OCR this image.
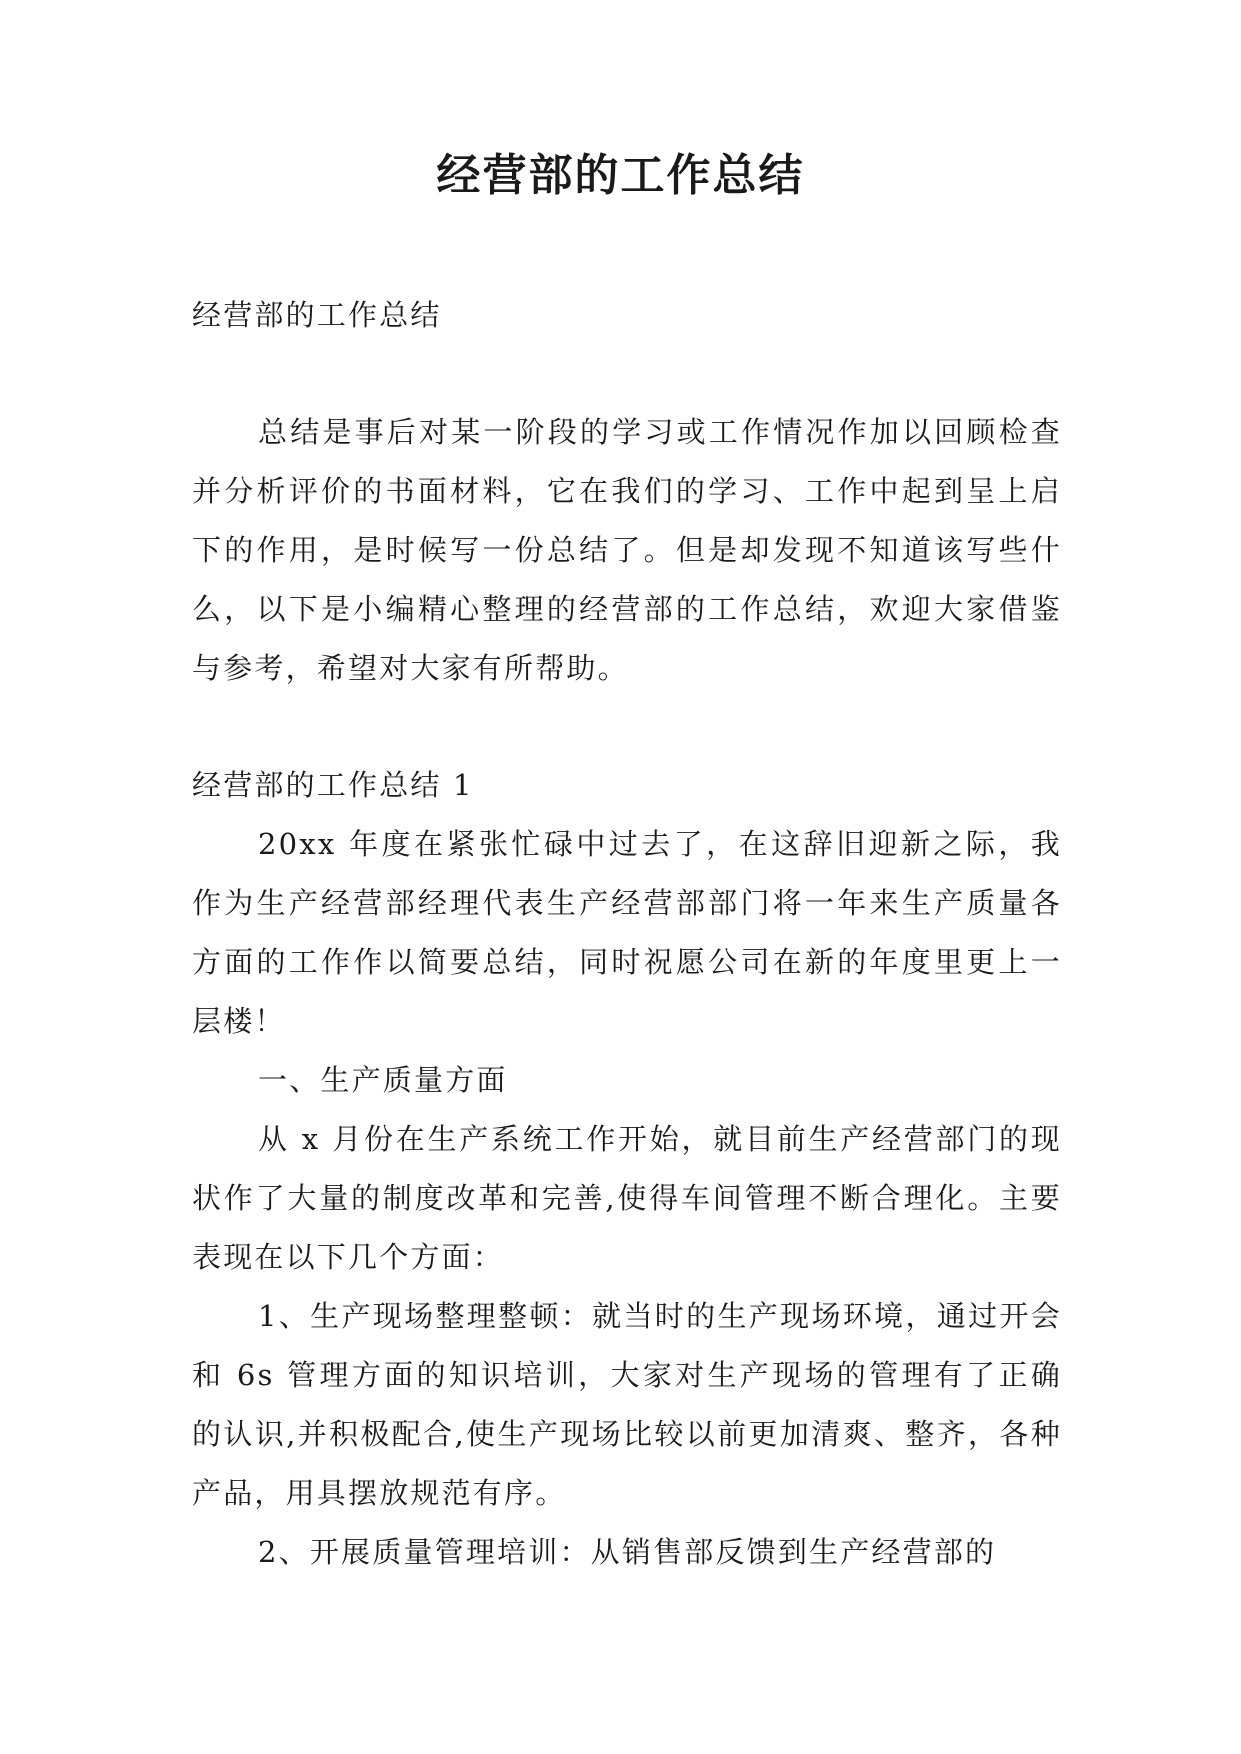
经营部的工作总结

经营部的工作总结

总结是事后对某一阶段的学习或工作情况作加以回顾检查并分析评价的书面材料，它在我们的学习、工作中起到呈上启下的作用，是时候写一份总结了。但是却发现不知道该写些什么，以下是小编精心整理的经营部的工作总结，欢迎大家借鉴与参考，希望对大家有所帮助。

经营部的工作总结 1

20xx 年度在紧张忙碌中过去了，在这辞旧迎新之际，我作为生产经营部经理代表生产经营部部门将一年来生产质量各方面的工作作以简要总结，同时祝愿公司在新的年度里更上一层楼！

一、生产质量方面

从 x 月份在生产系统工作开始，就目前生产经营部门的现状作了大量的制度改革和完善,使得车间管理不断合理化。主要表现在以下几个方面：

1、生产现场整理整顿：就当时的生产现场环境，通过开会和 6s 管理方面的知识培训，大家对生产现场的管理有了正确的认识,并积极配合,使生产现场比较以前更加清爽、整齐，各种产品，用具摆放规范有序。

2、开展质量管理培训：从销售部反馈到生产经营部的
